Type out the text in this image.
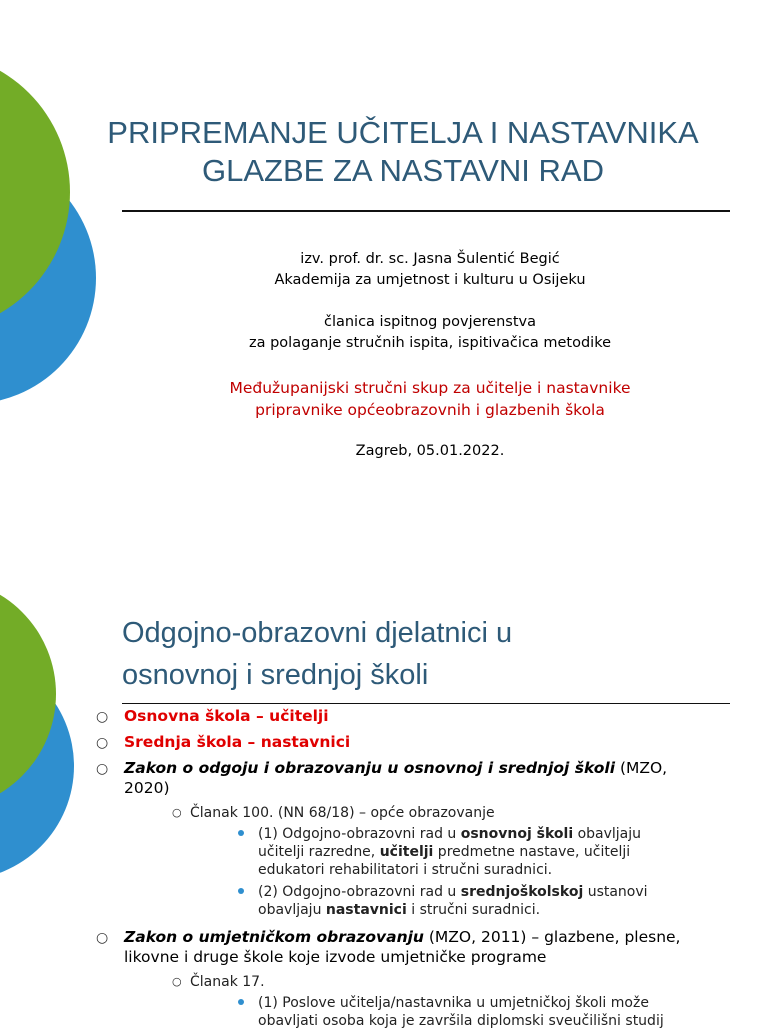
PRIPREMANJE UČITELJA I NASTAVNIKA
GLAZBE ZA NASTAVNI RAD
izv. prof. dr. sc. Jasna Šulentić Begić
Akademija za umjetnost i kulturu u Osijeku
članica ispitnog povjerenstva
za polaganje stručnih ispita, ispitivačica metodike
Međužupanijski stručni skup za učitelje i nastavnike
pripravnike općeobrazovnih i glazbenih škola
Zagreb, 05.01.2022.
Odgojno-obrazovni djelatnici u
osnovnoj i srednjoj školi
○ Osnovna škola – učitelji
○ Srednja škola – nastavnici
○ Zakon o odgoju i obrazovanju u osnovnoj i srednjoj školi (MZO, 2020)
○ Članak 100. (NN 68/18) – opće obrazovanje
(1) Odgojno-obrazovni rad u osnovnoj školi obavljaju učitelji razredne, učitelji predmetne nastave, učitelji edukatori rehabilitatori i stručni suradnici.
(2) Odgojno-obrazovni rad u srednjoškolskoj ustanovi obavljaju nastavnici i stručni suradnici.
○ Zakon o umjetničkom obrazovanju (MZO, 2011) – glazbene, plesne, likovne i druge škole koje izvode umjetničke programe
○ Članak 17.
(1) Poslove učitelja/nastavnika u umjetničkoj školi može obavljati osoba koja je završila diplomski sveučilišni studij
